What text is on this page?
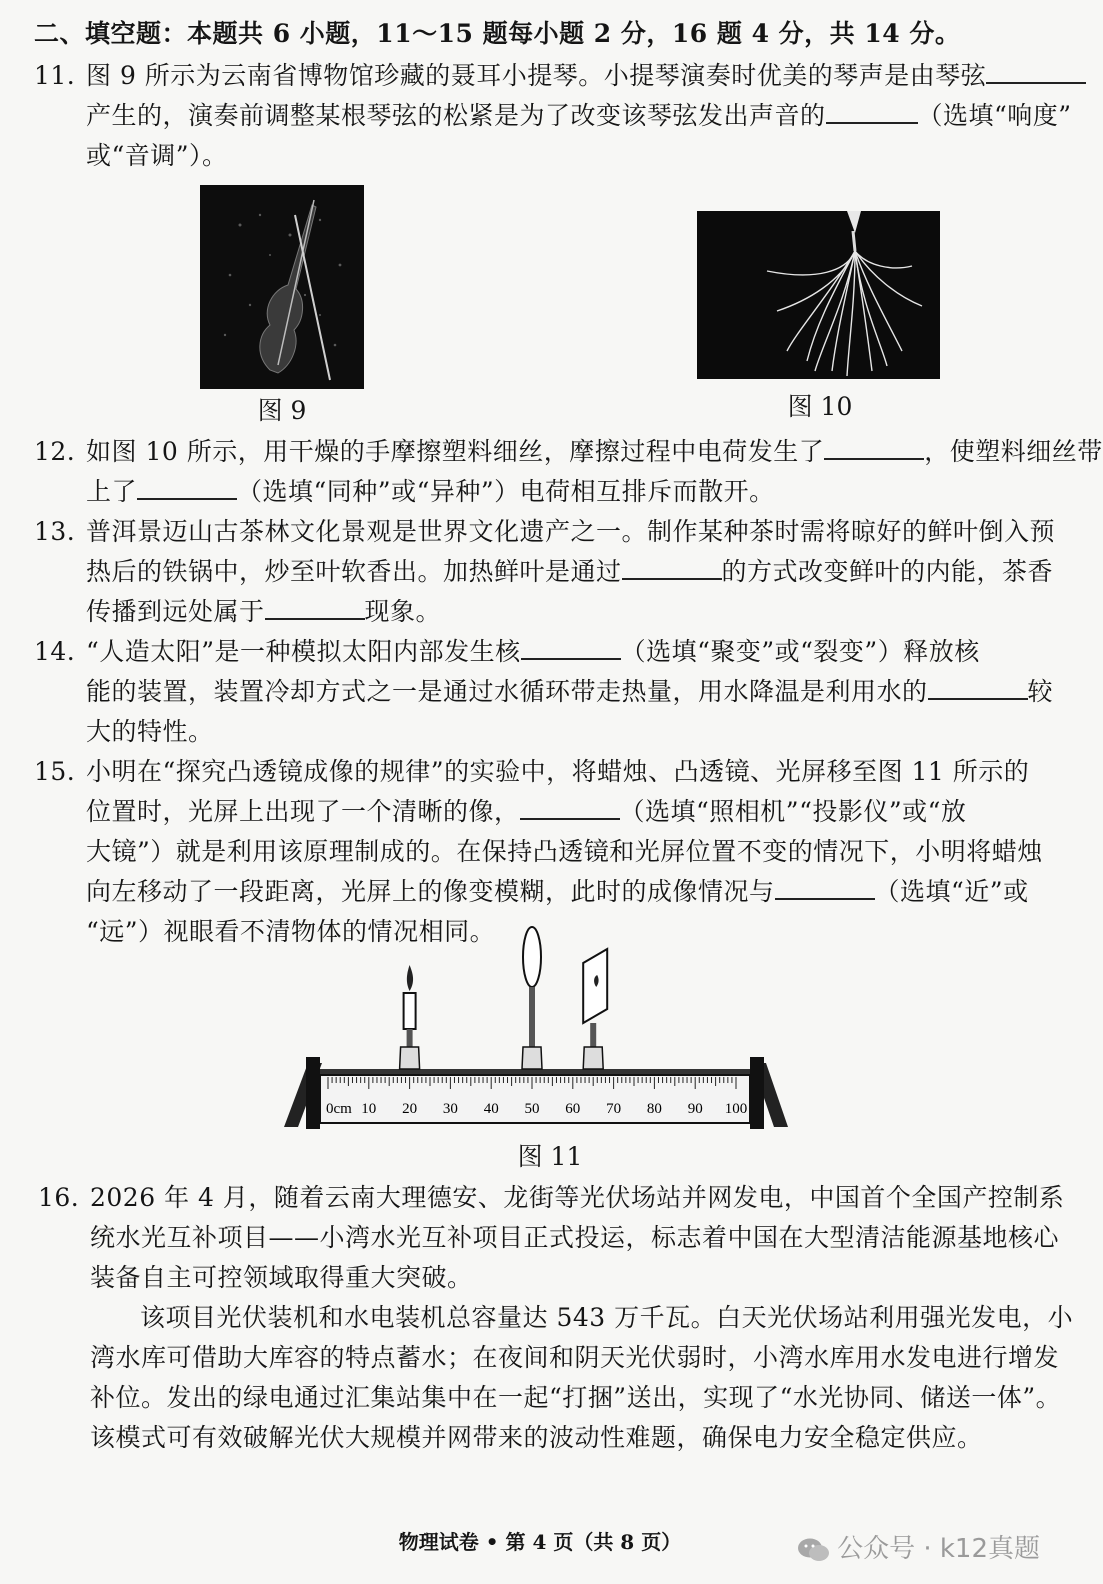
二、填空题：本题共 6 小题，11～15 题每小题 2 分，16 题 4 分，共 14 分。
11. 图 9 所示为云南省博物馆珍藏的聂耳小提琴。小提琴演奏时优美的琴声是由琴弦
产生的，演奏前调整某根琴弦的松紧是为了改变该琴弦发出声音的	（选填“响度”
或“音调”）。
图 9	图 10
12. 如图 10 所示，用干燥的手摩擦塑料细丝，摩擦过程中电荷发生了	，使塑料细丝带
上了	（选填“同种”或“异种”）电荷相互排斥而散开。
13. 普洱景迈山古茶林文化景观是世界文化遗产之一。制作某种茶时需将晾好的鲜叶倒入预
热后的铁锅中，炒至叶软香出。加热鲜叶是通过	的方式改变鲜叶的内能，茶香
传播到远处属于	现象。
14. “人造太阳”是一种模拟太阳内部发生核	（选填“聚变”或“裂变”）释放核
能的装置，装置冷却方式之一是通过水循环带走热量，用水降温是利用水的	较
大的特性。
15. 小明在“探究凸透镜成像的规律”的实验中，将蜡烛、凸透镜、光屏移至图 11 所示的
位置时，光屏上出现了一个清晰的像，	（选填“照相机”“投影仪”或“放
大镜”）就是利用该原理制成的。在保持凸透镜和光屏位置不变的情况下，小明将蜡烛
向左移动了一段距离，光屏上的像变模糊，此时的成像情况与	（选填“近”或
“远”）视眼看不清物体的情况相同。
0cm 10 20 30 40 50 60 70 80 90 100
图 11
16. 2026 年 4 月，随着云南大理德安、龙街等光伏场站并网发电，中国首个全国产控制系
统水光互补项目——小湾水光互补项目正式投运，标志着中国在大型清洁能源基地核心
装备自主可控领域取得重大突破。
该项目光伏装机和水电装机总容量达 543 万千瓦。白天光伏场站利用强光发电，小
湾水库可借助大库容的特点蓄水；在夜间和阴天光伏弱时，小湾水库用水发电进行增发
补位。发出的绿电通过汇集站集中在一起“打捆”送出，实现了“水光协同、储送一体”。
该模式可有效破解光伏大规模并网带来的波动性难题，确保电力安全稳定供应。
物理试卷 • 第 4 页（共 8 页）	公众号 · k12真题
